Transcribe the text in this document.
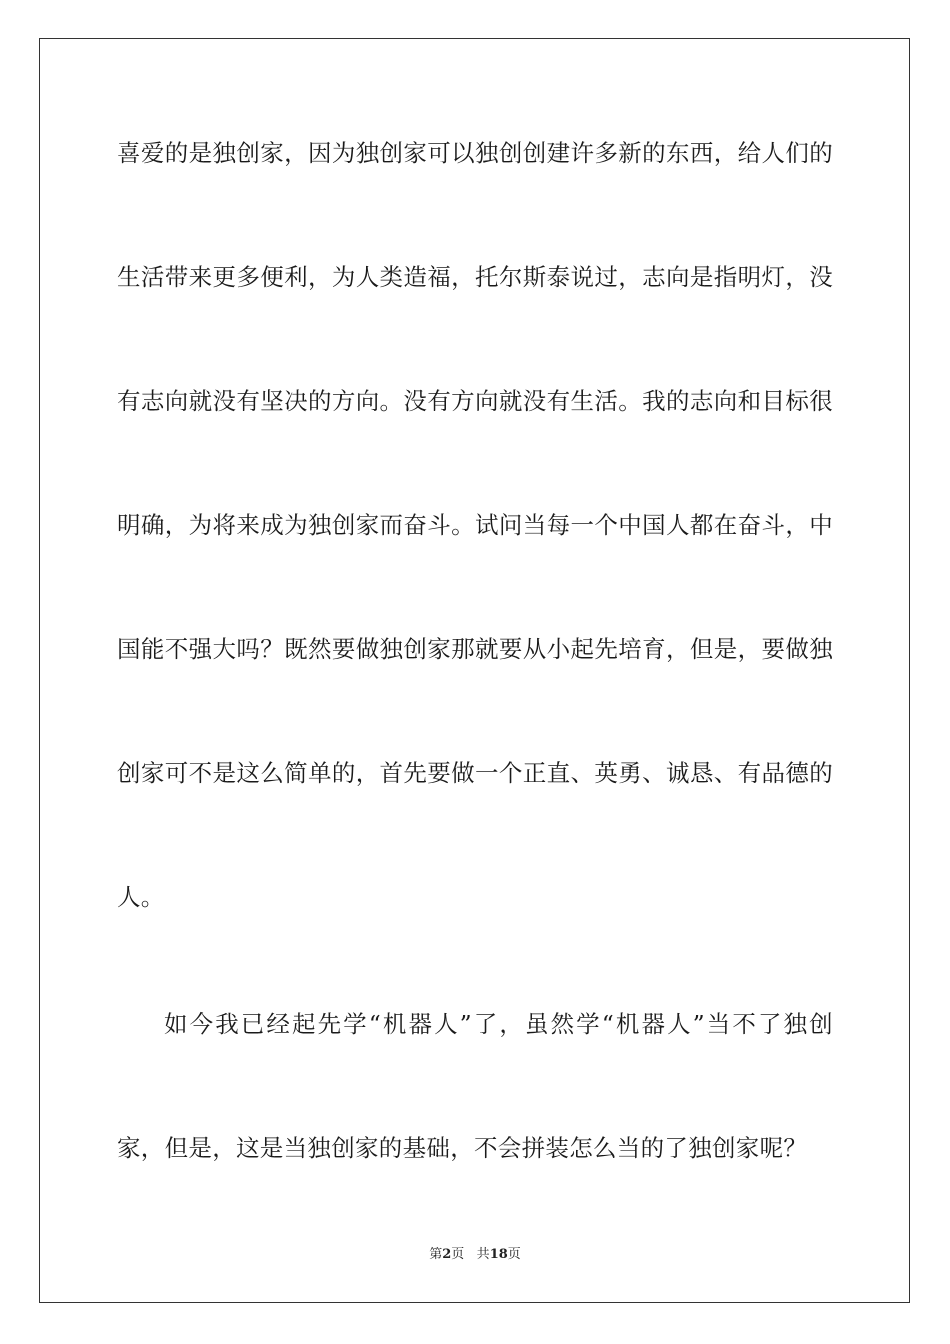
喜爱的是独创家，因为独创家可以独创创建许多新的东西，给人们的
生活带来更多便利，为人类造福，托尔斯泰说过，志向是指明灯，没
有志向就没有坚决的方向。没有方向就没有生活。我的志向和目标很
明确，为将来成为独创家而奋斗。试问当每一个中国人都在奋斗，中
国能不强大吗？既然要做独创家那就要从小起先培育，但是，要做独
创家可不是这么简单的，首先要做一个正直、英勇、诚恳、有品德的
人。
如今我已经起先学“机器人”了，虽然学“机器人”当不了独创
家，但是，这是当独创家的基础，不会拼装怎么当的了独创家呢？
第2页 共18页
